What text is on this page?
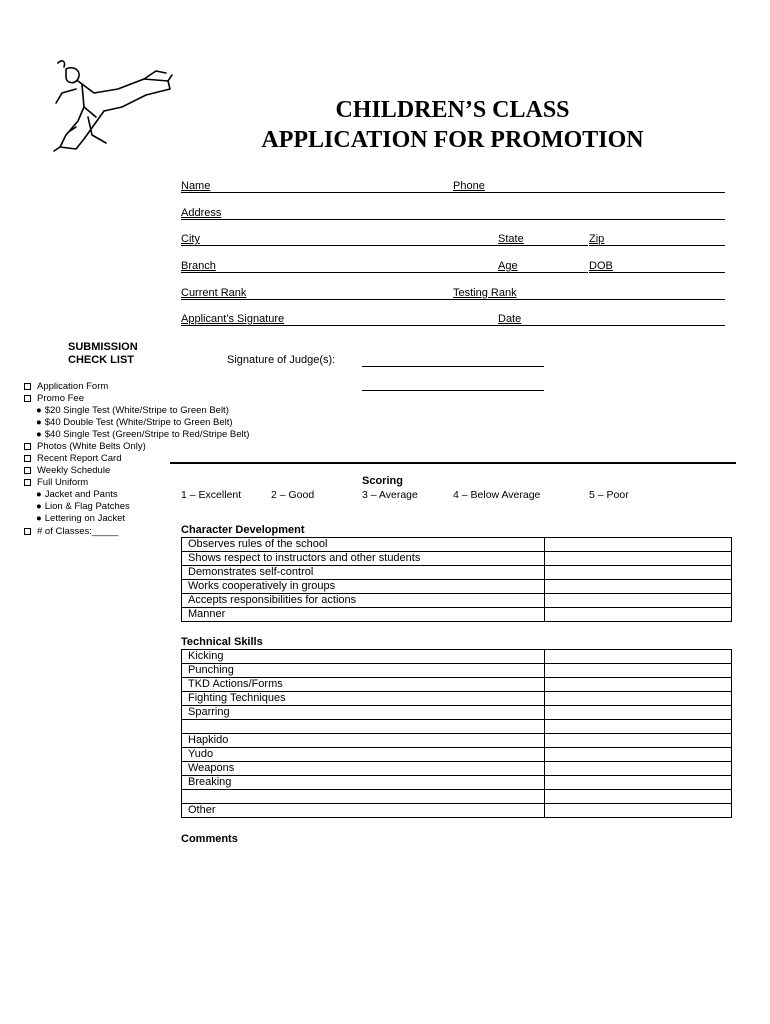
CHILDREN’S CLASS
APPLICATION FOR PROMOTION
Name	Phone
Address
City	State	Zip
Branch	Age	DOB
Current Rank	Testing Rank
Applicant’s Signature	Date
SUBMISSION
CHECK LIST	Signature of Judge(s):
Application Form
Promo Fee
● $20 Single Test (White/Stripe to Green Belt)
● $40 Double Test (White/Stripe to Green Belt)
● $40 Single Test (Green/Stripe to Red/Stripe Belt)
Photos (White Belts Only)
Recent Report Card
Weekly Schedule
Full Uniform
● Jacket and Pants
● Lion & Flag Patches
● Lettering on Jacket
# of Classes:_____
Scoring
1 – Excellent	2 – Good	3 – Average	4 – Below Average	5 – Poor
Character Development
Observes rules of the school	
Shows respect to instructors and other students	
Demonstrates self-control	
Works cooperatively in groups	
Accepts responsibilities for actions	
Manner	
Technical Skills
Kicking	
Punching	
TKD Actions/Forms	
Fighting Techniques	
Sparring	

Hapkido	
Yudo	
Weapons	
Breaking	

Other	
Comments
